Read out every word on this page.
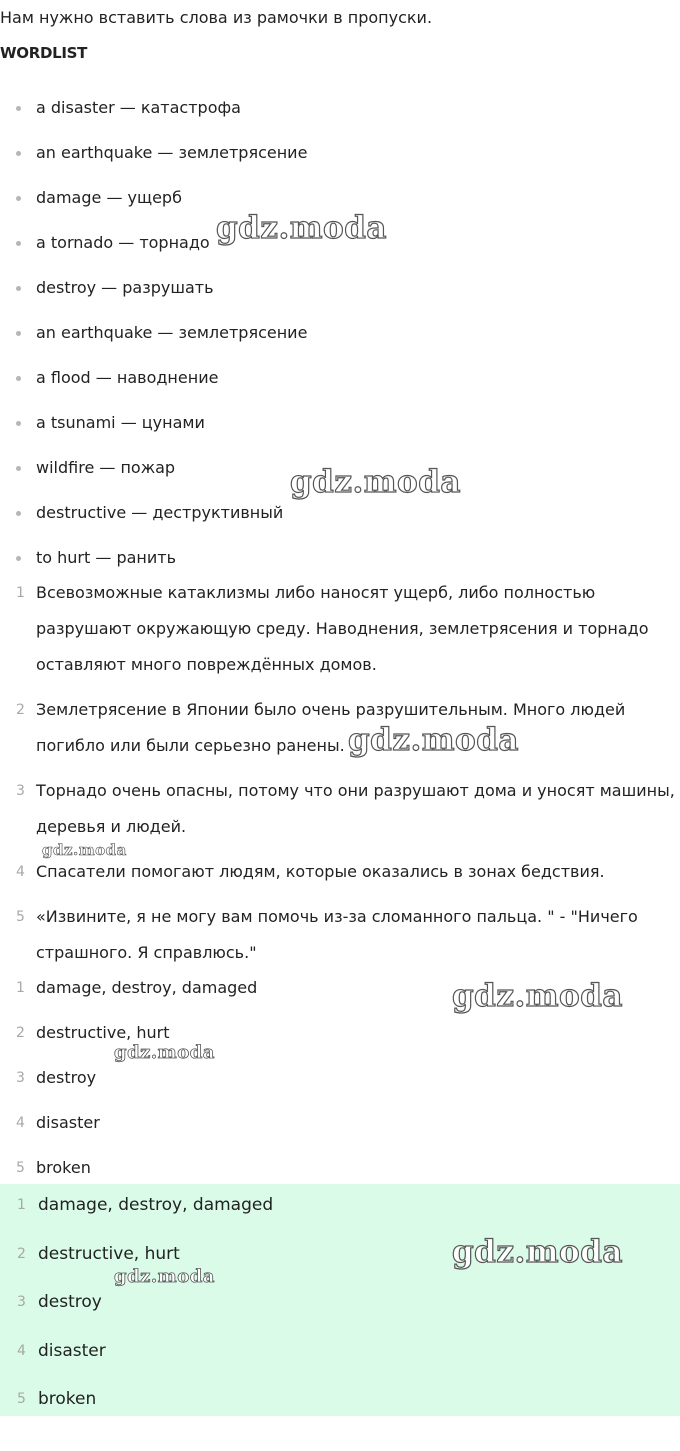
Нам нужно вставить слова из рамочки в пропуски.
WORDLIST
a disaster — катастрофа
an earthquake — землетрясение
damage — ущерб
a tornado — торнадо
destroy — разрушать
an earthquake — землетрясение
a flood — наводнение
a tsunami — цунами
wildfire — пожар
destructive — деструктивный
to hurt — ранить
1 Всевозможные катаклизмы либо наносят ущерб, либо полностью разрушают окружающую среду. Наводнения, землетрясения и торнадо оставляют много повреждённых домов.
2 Землетрясение в Японии было очень разрушительным. Много людей погибло или были серьезно ранены.
3 Торнадо очень опасны, потому что они разрушают дома и уносят машины, деревья и людей.
4 Спасатели помогают людям, которые оказались в зонах бедствия.
5 «Извините, я не могу вам помочь из-за сломанного пальца. " - "Ничего страшного. Я справлюсь."
1 damage, destroy, damaged
2 destructive, hurt
3 destroy
4 disaster
5 broken
1 damage, destroy, damaged
2 destructive, hurt
3 destroy
4 disaster
5 broken
gdz.moda
gdz.moda
gdz.moda
gdz.moda
gdz.moda
gdz.moda
gdz.moda
gdz.moda
